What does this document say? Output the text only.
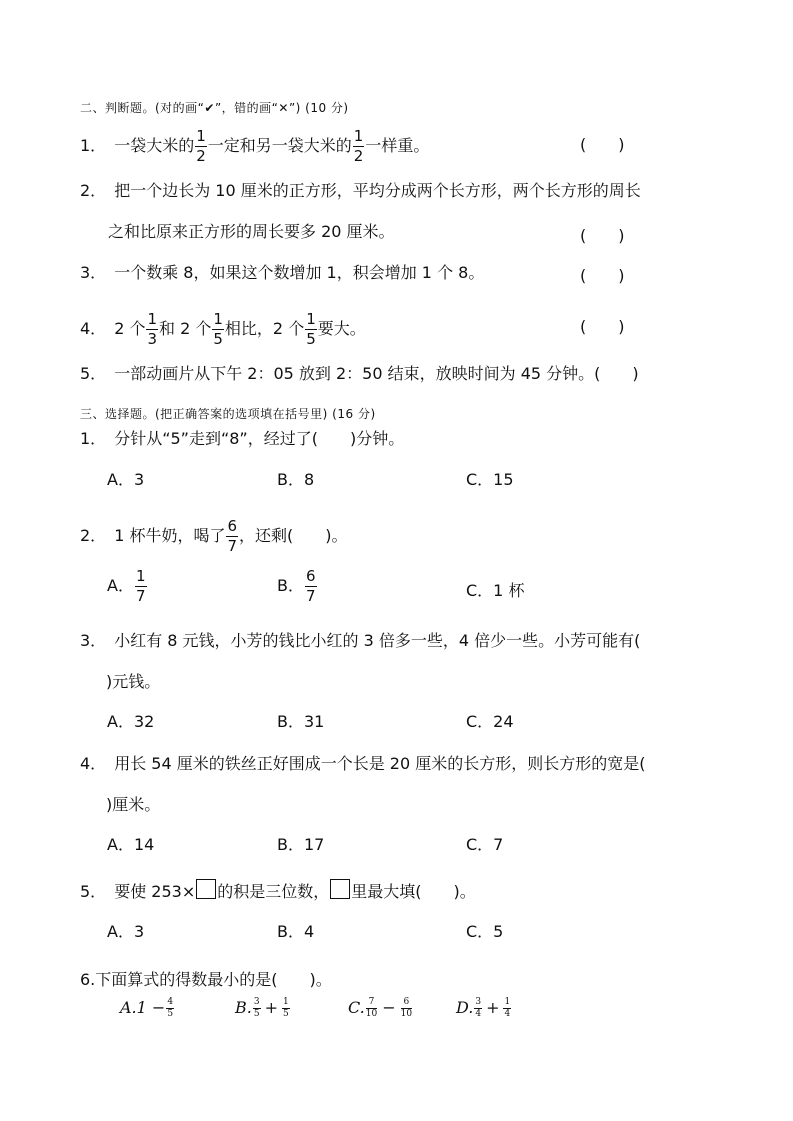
二、判断题。(对的画“✔”，错的画“✕”) (10 分)
1． 一袋大米的 $\frac{1}{2}$ 一定和另一袋大米的 $\frac{1}{2}$ 一样重。	(　　)
2． 把一个边长为 10 厘米的正方形，平均分成两个长方形，两个长方形的周长
之和比原来正方形的周长要多 20 厘米。	(　　)
3． 一个数乘 8，如果这个数增加 1，积会增加 1 个 8。	(　　)
4． 2 个 $\frac{1}{3}$ 和 2 个 $\frac{1}{5}$ 相比，2 个 $\frac{1}{5}$ 要大。	(　　)
5． 一部动画片从下午 2：05 放到 2：50 结束，放映时间为 45 分钟。(　　)
三、选择题。(把正确答案的选项填在括号里) (16 分)
1． 分针从“5”走到“8”，经过了(　　)分钟。
A．3	B．8	C．15
2． 1 杯牛奶，喝了 $\frac{6}{7}$ ，还剩(　　)。
A． $\frac{1}{7}$	B． $\frac{6}{7}$	C．1 杯
3． 小红有 8 元钱，小芳的钱比小红的 3 倍多一些，4 倍少一些。小芳可能有(
)元钱。
A．32	B．31	C．24
4． 用长 54 厘米的铁丝正好围成一个长是 20 厘米的长方形，则长方形的宽是(
)厘米。
A．14	B．17	C．7
5． 要使 253× 的积是三位数， 里最大填(　　)。
A．3	B．4	C．5
6.下面算式的得数最小的是(　　)。
$A.1 - \frac{4}{5}$	B. $\frac{3}{5} + \frac{1}{5}$	C. $\frac{7}{10} - \frac{6}{10}$	D. $\frac{3}{4} + \frac{1}{4}$
